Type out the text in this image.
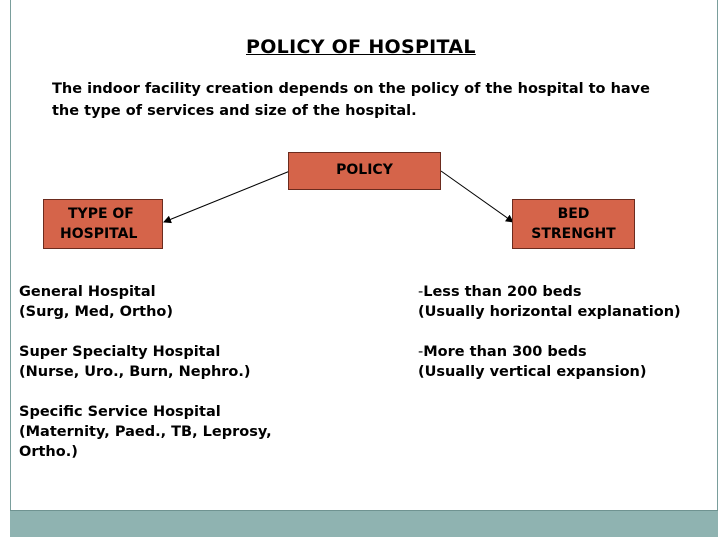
POLICY OF HOSPITAL
The indoor facility creation depends on the policy of the hospital to have the type of services and size of the hospital.
POLICY
TYPE OF
HOSPITAL
BED
STRENGHT
General Hospital
(Surg, Med, Ortho)
Super Specialty Hospital
(Nurse, Uro., Burn, Nephro.)
Specific Service Hospital
(Maternity, Paed., TB, Leprosy,
Ortho.)
-Less than 200 beds
(Usually horizontal explanation)
-More than 300 beds
(Usually vertical expansion)
